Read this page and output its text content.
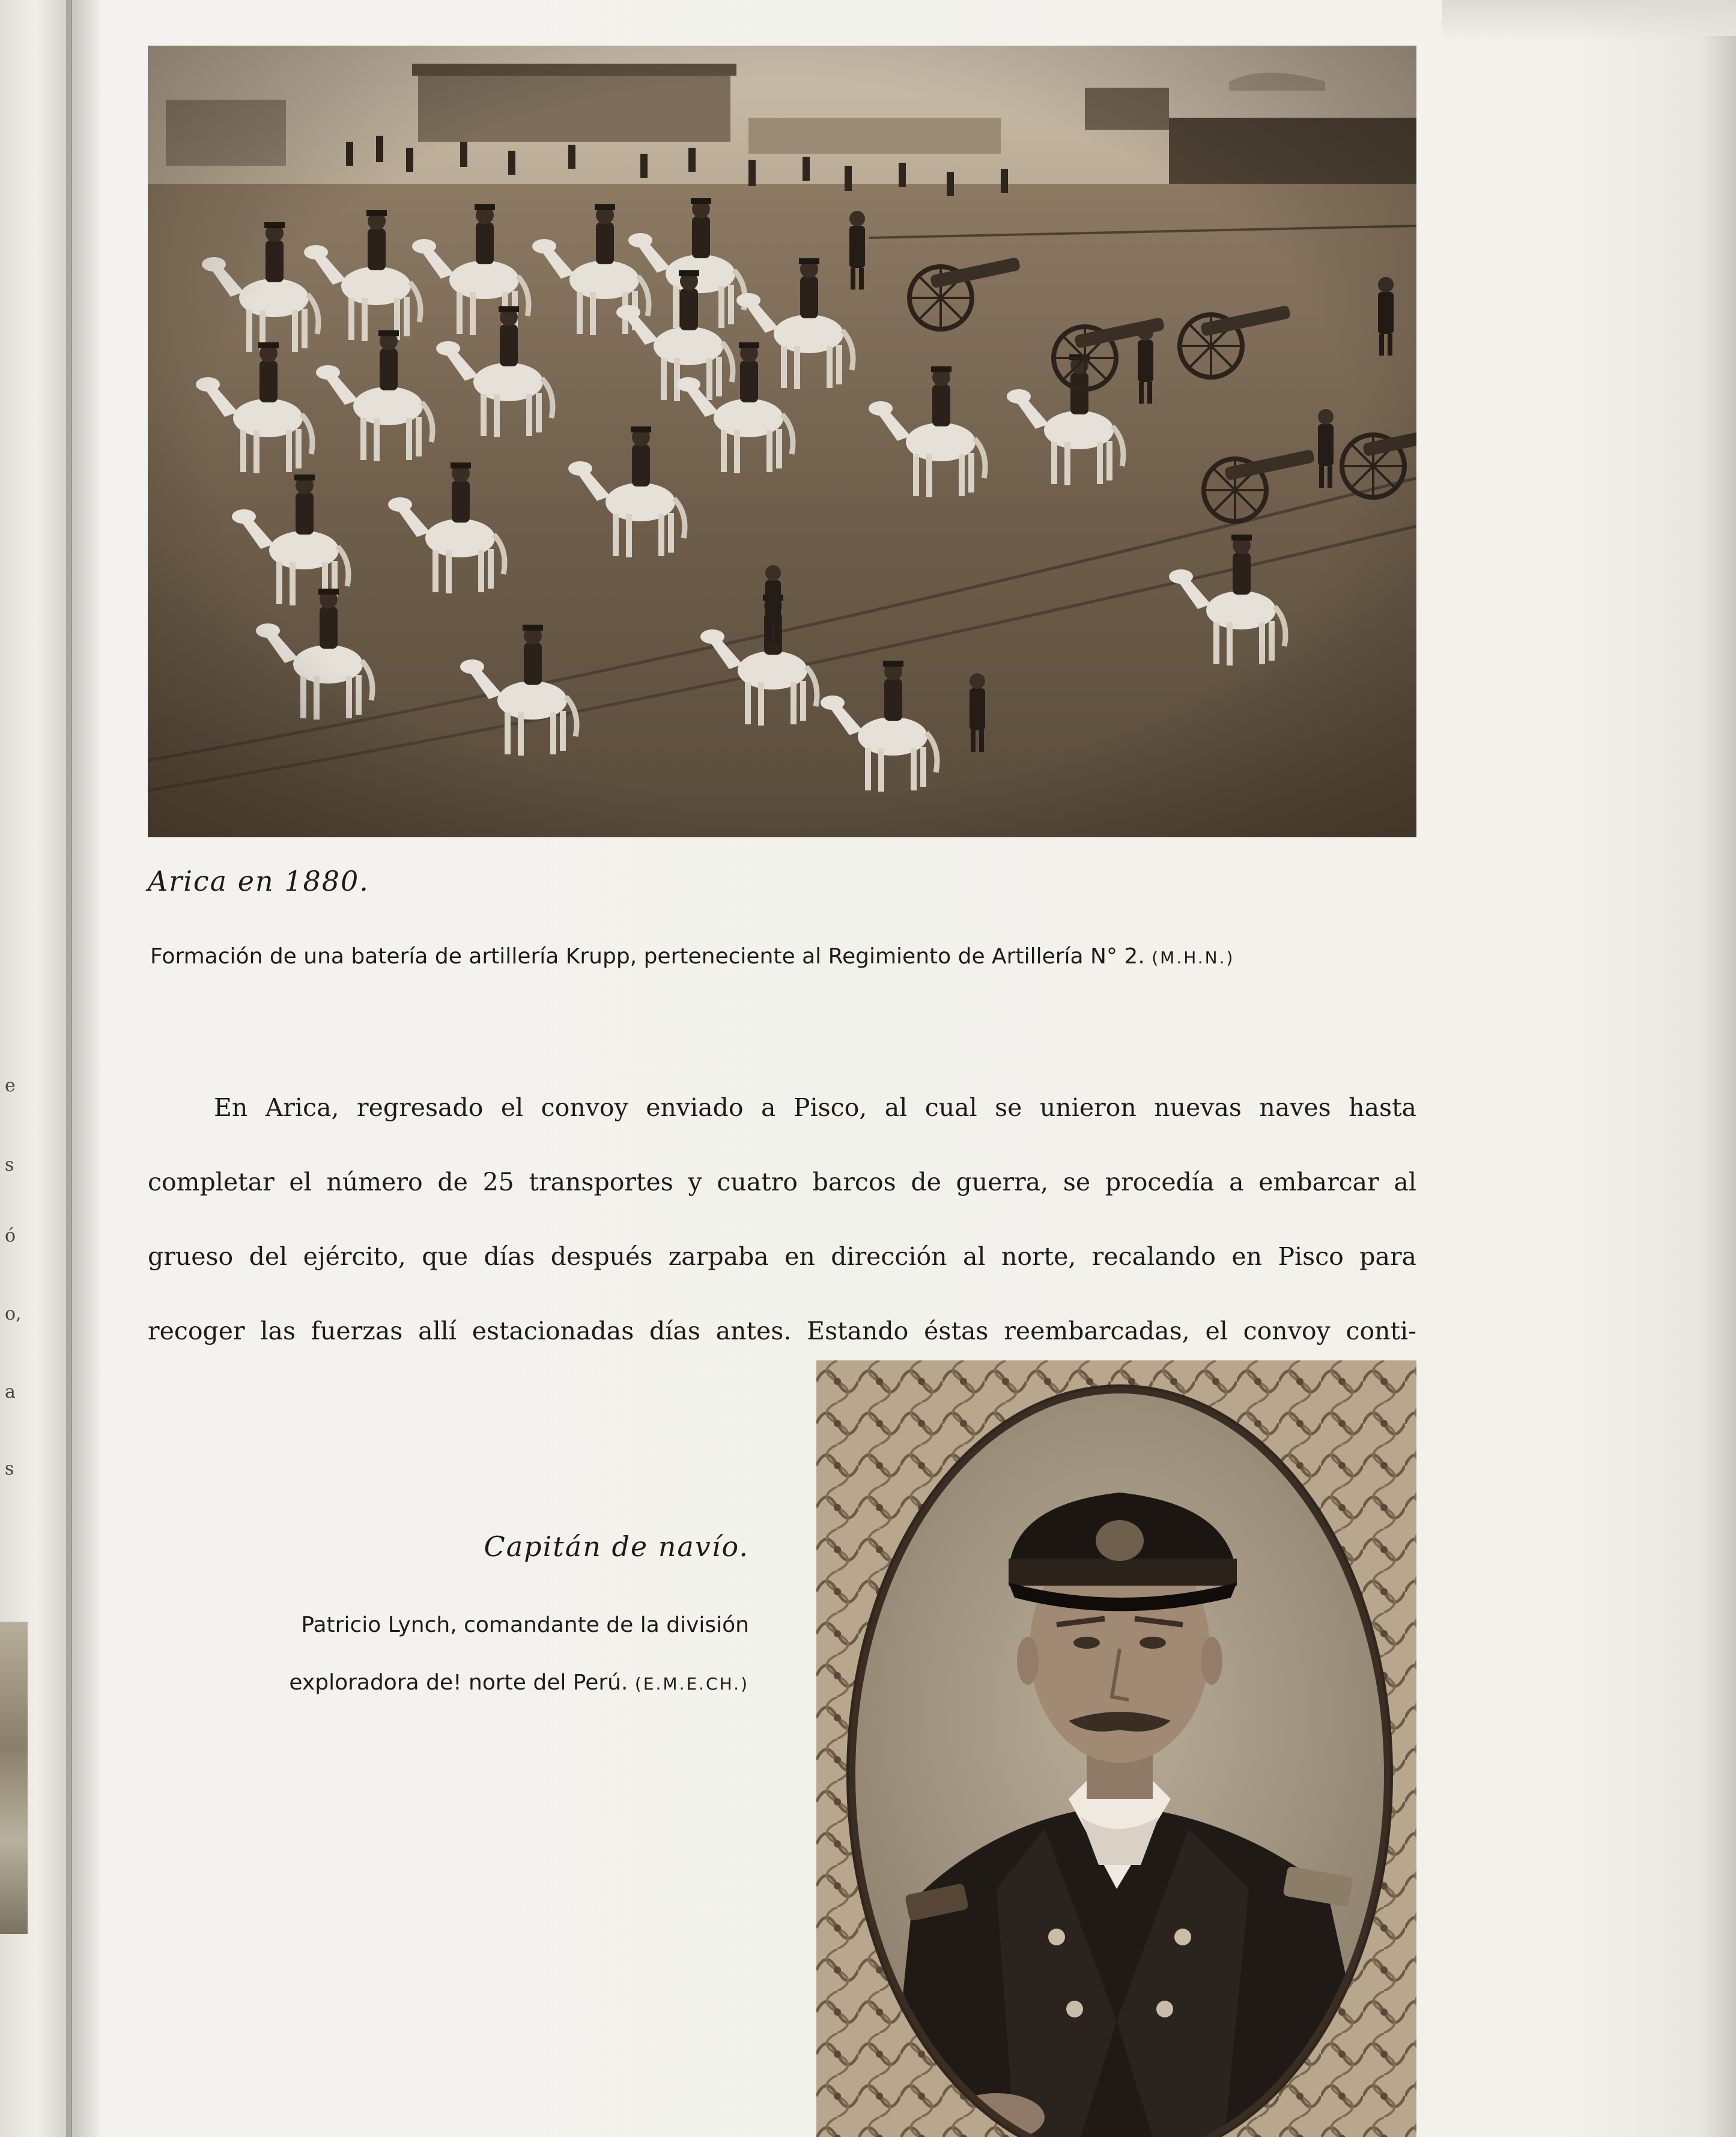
e
s
ó
o,
a
s
Arica en 1880.
Formación de una batería de artillería Krupp, perteneciente al Regimiento de Artillería N° 2. (M.H.N.)
En Arica, regresado el convoy enviado a Pisco, al cual se unieron nuevas naves hasta
completar el número de 25 transportes y cuatro barcos de guerra, se procedía a embarcar al
grueso del ejército, que días después zarpaba en dirección al norte, recalando en Pisco para
recoger las fuerzas allí estacionadas días antes. Estando éstas reembarcadas, el convoy conti-
Capitán de navío.
Patricio Lynch, comandante de la división
exploradora de! norte del Perú. (E.M.E.CH.)
